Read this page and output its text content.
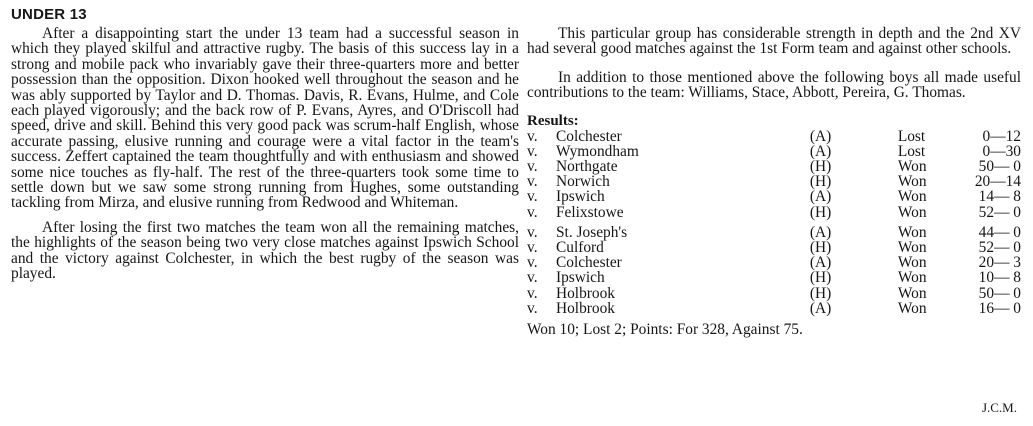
UNDER 13

After a disappointing start the under 13 team had a successful season in which they played skilful and attractive rugby. The basis of this success lay in a strong and mobile pack who invariably gave their three-quarters more and better possession than the opposition. Dixon hooked well throughout the season and he was ably supported by Taylor and D. Thomas. Davis, R. Evans, Hulme, and Cole each played vigorously; and the back row of P. Evans, Ayres, and O'Driscoll had speed, drive and skill. Behind this very good pack was scrum-half English, whose accurate passing, elusive running and courage were a vital factor in the team's success. Zeffert captained the team thoughtfully and with enthusiasm and showed some nice touches as fly-half. The rest of the three-quarters took some time to settle down but we saw some strong running from Hughes, some outstanding tackling from Mirza, and elusive running from Redwood and Whiteman.

After losing the first two matches the team won all the remaining matches, the highlights of the season being two very close matches against Ipswich School and the victory against Colchester, in which the best rugby of the season was played.

This particular group has considerable strength in depth and the 2nd XV had several good matches against the 1st Form team and against other schools.

In addition to those mentioned above the following boys all made useful contributions to the team: Williams, Stace, Abbott, Pereira, G. Thomas.

Results:
v.	Colchester	(A)	Lost	0—12
v.	Wymondham	(A)	Lost	0—30
v.	Northgate	(H)	Won	50— 0
v.	Norwich	(H)	Won	20—14
v.	Ipswich	(A)	Won	14— 8
v.	Felixstowe	(H)	Won	52— 0
v.	St. Joseph's	(A)	Won	44— 0
v.	Culford	(H)	Won	52— 0
v.	Colchester	(A)	Won	20— 3
v.	Ipswich	(H)	Won	10— 8
v.	Holbrook	(H)	Won	50— 0
v.	Holbrook	(A)	Won	16— 0
Won 10; Lost 2; Points: For 328, Against 75.
J.C.M.
